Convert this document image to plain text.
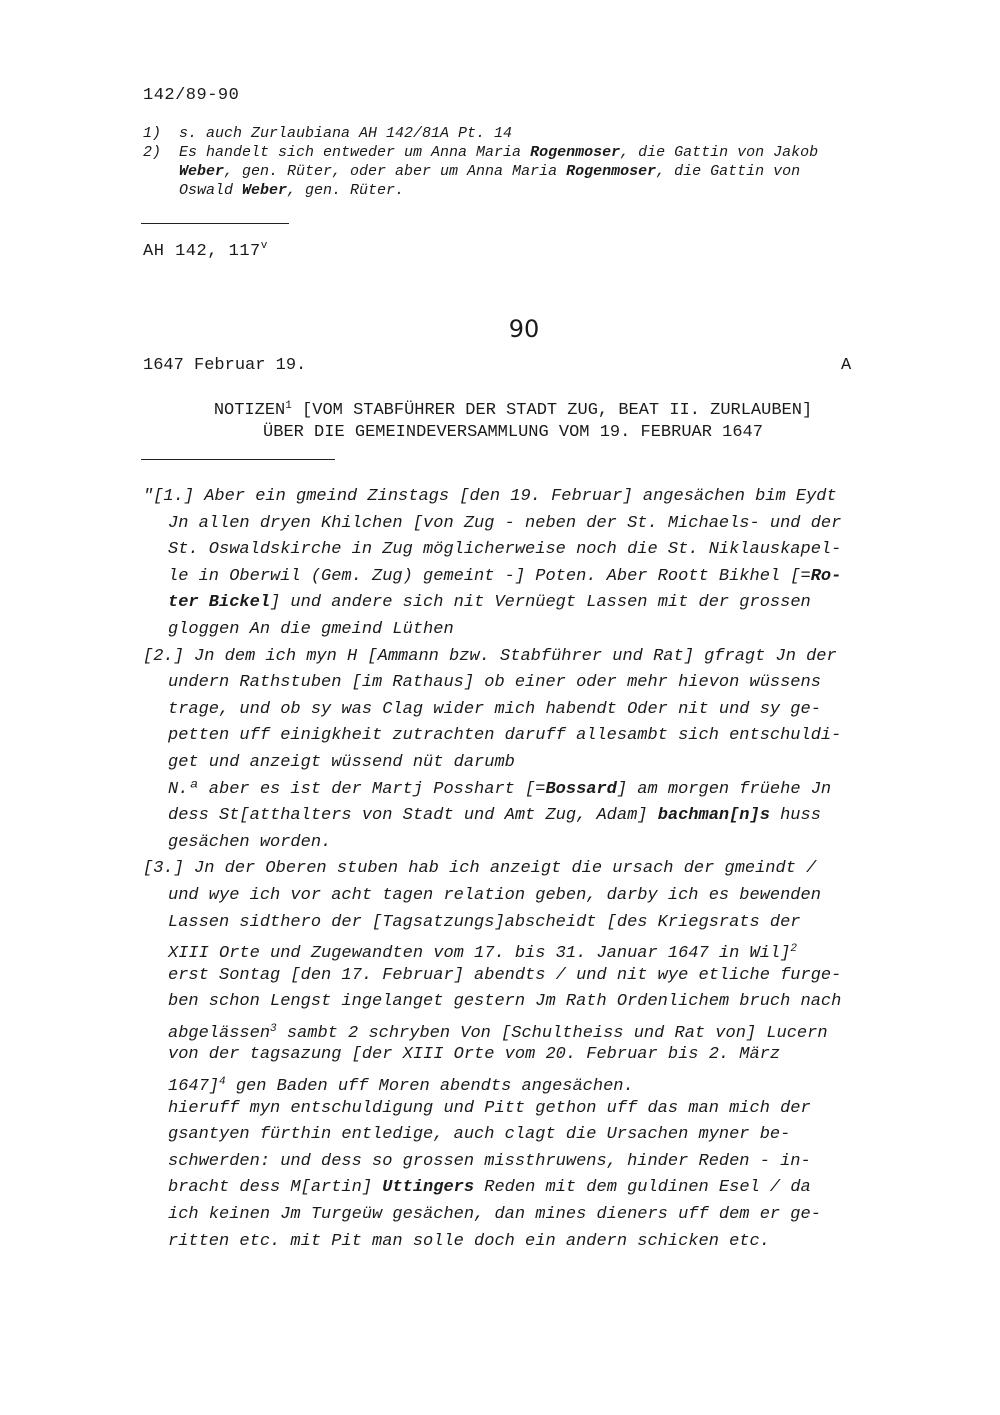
142/89-90
1) s. auch Zurlaubiana AH 142/81A Pt. 14
2) Es handelt sich entweder um Anna Maria Rogenmoser, die Gattin von Jakob
Weber, gen. Rüter, oder aber um Anna Maria Rogenmoser, die Gattin von
Oswald Weber, gen. Rüter.
AH 142, 117$^v$
90
1647 Februar 19.	A
NOTIZEN$^1$ [VOM STABFÜHRER DER STADT ZUG, BEAT II. ZURLAUBEN]
ÜBER DIE GEMEINDEVERSAMMLUNG VOM 19. FEBRUAR 1647
"[1.] Aber ein gmeind Zinstags [den 19. Februar] angesächen bim Eydt
Jn allen dryen Khilchen [von Zug - neben der St. Michaels- und der
St. Oswaldskirche in Zug möglicherweise noch die St. Niklauskapel-
le in Oberwil (Gem. Zug) gemeint -] Poten. Aber Roott Bikhel [=Ro-
ter Bickel] und andere sich nit Vernüegt Lassen mit der grossen
gloggen An die gmeind Lüthen
[2.] Jn dem ich myn H [Ammann bzw. Stabführer und Rat] gfragt Jn der
undern Rathstuben [im Rathaus] ob einer oder mehr hievon wüssens
trage, und ob sy was Clag wider mich habendt Oder nit und sy ge-
petten uff einigkheit zutrachten daruff allesambt sich entschuldi-
get und anzeigt wüssend nüt darumb
N.ª aber es ist der Martj Posshart [=Bossard] am morgen früehe Jn
dess St[atthalters von Stadt und Amt Zug, Adam] bachman[n]s huss
gesächen worden.
[3.] Jn der Oberen stuben hab ich anzeigt die ursach der gmeindt /
und wye ich vor acht tagen relation geben, darby ich es bewenden
Lassen sidthero der [Tagsatzungs]abscheidt [des Kriegsrats der
XIII Orte und Zugewandten vom 17. bis 31. Januar 1647 in Wil]$^2$
erst Sontag [den 17. Februar] abendts / und nit wye etliche furge-
ben schon Lengst ingelanget gestern Jm Rath Ordenlichem bruch nach
abgelässen$^3$ sambt 2 schryben Von [Schultheiss und Rat von] Lucern
von der tagsazung [der XIII Orte vom 20. Februar bis 2. März
1647]$^4$ gen Baden uff Moren abendts angesächen.
hieruff myn entschuldigung und Pitt gethon uff das man mich der
gsantyen fürthin entledige, auch clagt die Ursachen myner be-
schwerden: und dess so grossen missthruwens, hinder Reden - in-
bracht dess M[artin] Uttingers Reden mit dem guldinen Esel / da
ich keinen Jm Turgeüw gesächen, dan mines dieners uff dem er ge-
ritten etc. mit Pit man solle doch ein andern schicken etc.
